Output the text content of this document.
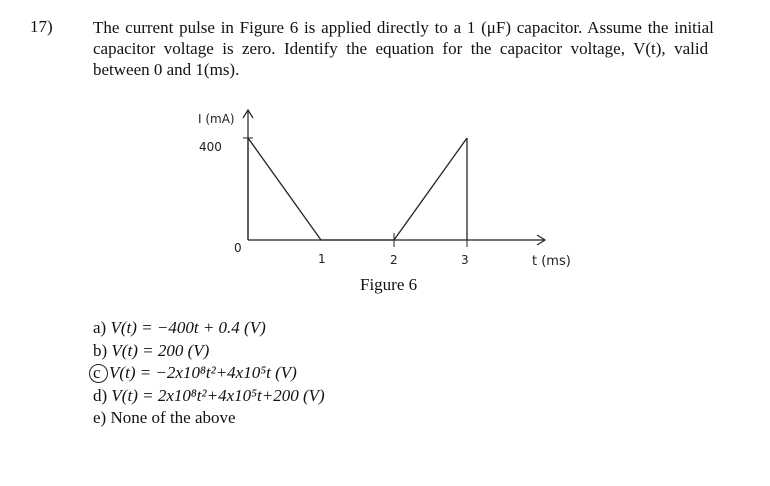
17) The current pulse in Figure 6 is applied directly to a 1 (μF) capacitor. Assume the initial
capacitor voltage is zero. Identify the equation for the capacitor voltage, V(t), valid
between 0 and 1(ms).
I (mA)
400
0
1	2	3	t (ms)
Figure 6
a) V(t) = −400t + 0.4 (V)
b) V(t) = 200 (V)
c V(t) = −2x10⁸t²+4x10⁵t (V)
d) V(t) = 2x10⁸t²+4x10⁵t+200 (V)
e) None of the above
